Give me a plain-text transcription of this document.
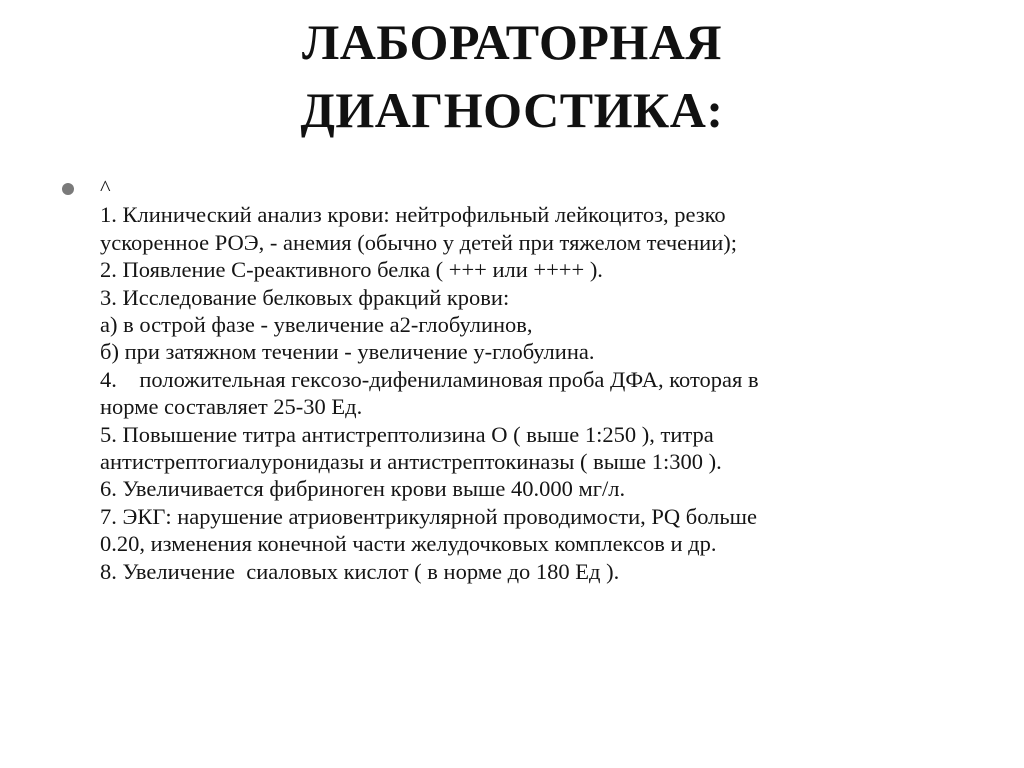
ЛАБОРАТОРНАЯ
ДИАГНОСТИКА:
^
1. Клинический анализ крови: нейтрофильный лейкоцитоз, резко
ускоренное РОЭ, - анемия (обычно у детей при тяжелом течении);
2. Появление С-реактивного белка ( +++ или ++++ ).
3. Исследование белковых фракций крови:
а) в острой фазе - увеличение а2-глобулинов,
б) при затяжном течении - увеличение у-глобулина.
4.    положительная гексозо-дифениламиновая проба ДФА, которая в
норме составляет 25-30 Ед.
5. Повышение титра антистрептолизина О ( выше 1:250 ), титра
антистрептогиалуронидазы и антистрептокиназы ( выше 1:300 ).
6. Увеличивается фибриноген крови выше 40.000 мг/л.
7. ЭКГ: нарушение атриовентрикулярной проводимости, PQ больше
0.20, изменения конечной части желудочковых комплексов и др.
8. Увеличение  сиаловых кислот ( в норме до 180 Ед ).
